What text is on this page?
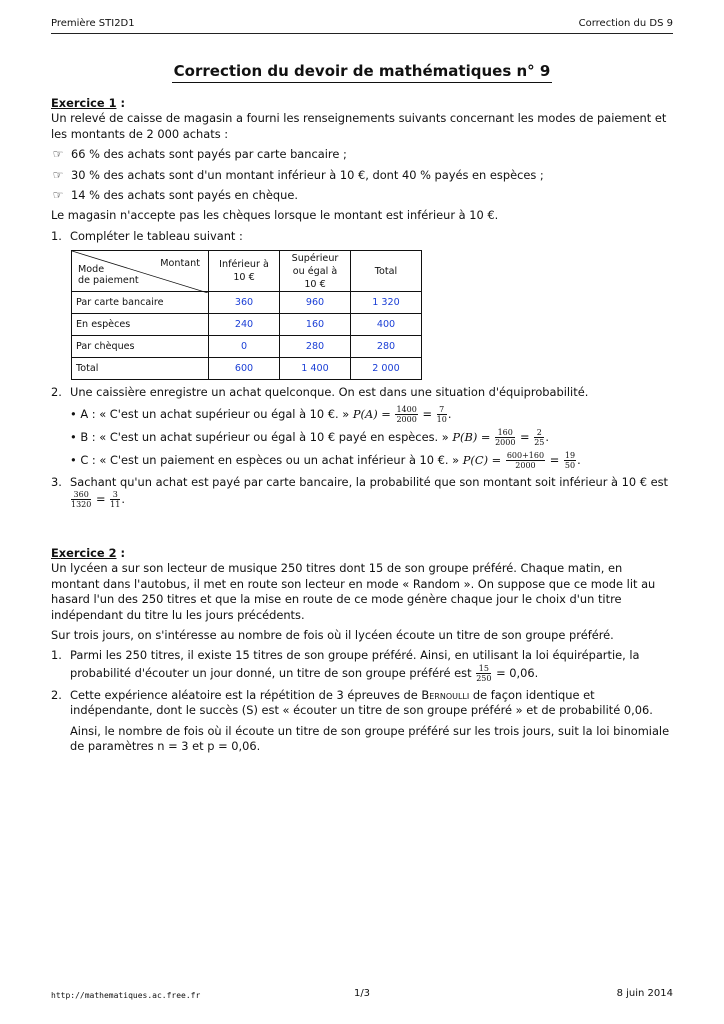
Première STI2D1	Correction du DS 9
Correction du devoir de mathématiques n° 9

Exercice 1 :

Un relevé de caisse de magasin a fourni les renseignements suivants concernant les modes de paiement et les montants de 2 000 achats :

☞ 66 % des achats sont payés par carte bancaire ;
☞ 30 % des achats sont d'un montant inférieur à 10 €, dont 40 % payés en espèces ;
☞ 14 % des achats sont payés en chèque.

Le magasin n'accepte pas les chèques lorsque le montant est inférieur à 10 €.

1. Compléter le tableau suivant :
Montant
Mode
de paiement	Inférieur à
10 €	Supérieur
ou égal à
10 €	Total
Par carte bancaire	360	960	1 320
En espèces	240	160	400
Par chèques	0	280	280
Total	600	1 400	2 000
2. Une caissière enregistre un achat quelconque. On est dans une situation d'équiprobabilité.
• A : « C'est un achat supérieur ou égal à 10 €. » $P(A) = \frac{1400}{2000} = \frac{7}{10}$ .
• B : « C'est un achat supérieur ou égal à 10 € payé en espèces. » $P(B) = \frac{160}{2000} = \frac{2}{25}$ .
• C : « C'est un paiement en espèces ou un achat inférieur à 10 €. » $P(C) = \frac{600+160}{2000} = \frac{19}{50}$ .
3. Sachant qu'un achat est payé par carte bancaire, la probabilité que son montant soit inférieur à 10 € est
$\frac{360}{1320} = \frac{3}{11}$ .

Exercice 2 :

Un lycéen a sur son lecteur de musique 250 titres dont 15 de son groupe préféré. Chaque matin, en montant dans l'autobus, il met en route son lecteur en mode « Random ». On suppose que ce mode lit au hasard l'un des 250 titres et que la mise en route de ce mode génère chaque jour le choix d'un titre indépendant du titre lu les jours précédents.

Sur trois jours, on s'intéresse au nombre de fois où il lycéen écoute un titre de son groupe préféré.

1. Parmi les 250 titres, il existe 15 titres de son groupe préféré. Ainsi, en utilisant la loi équirépartie, la probabilité d'écouter un jour donné, un titre de son groupe préféré est $\frac{15}{250} = 0,06$.
2. Cette expérience aléatoire est la répétition de 3 épreuves de Bernoulli de façon identique et indépendante, dont le succès (S) est « écouter un titre de son groupe préféré » et de probabilité 0,06.

Ainsi, le nombre de fois où il écoute un titre de son groupe préféré sur les trois jours, suit la loi binomiale de paramètres n = 3 et p = 0,06.

http://mathematiques.ac.free.fr	1/3	8 juin 2014
